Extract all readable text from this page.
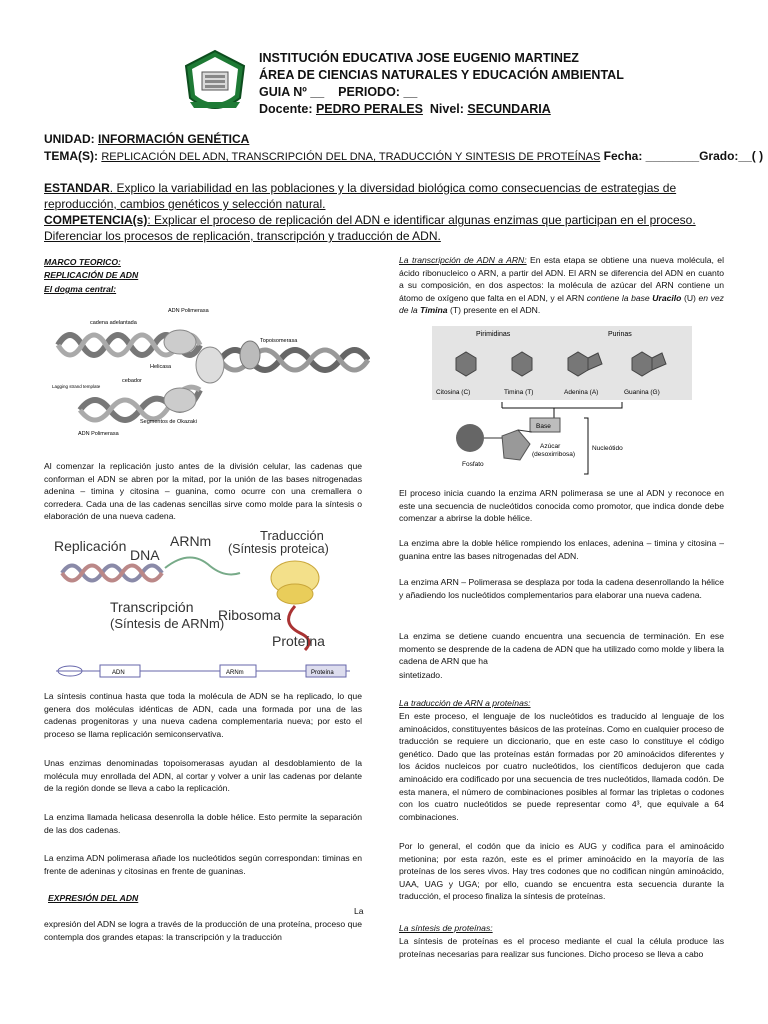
INSTITUCIÓN EDUCATIVA JOSE EUGENIO MARTINEZ
ÁREA DE CIENCIAS NATURALES Y EDUCACIÓN AMBIENTAL
GUIA Nº __ PERIODO: __
Docente: PEDRO PERALES Nivel: SECUNDARIA
UNIDAD: INFORMACIÓN GENÉTICA
TEMA(S): REPLICACIÓN DEL ADN, TRANSCRIPCIÓN DEL DNA, TRADUCCIÓN Y SINTESIS DE PROTEÍNAS Fecha: ________Grado:__( )
ESTANDAR. Explico la variabilidad en las poblaciones y la diversidad biológica como consecuencias de estrategias de reproducción, cambios genéticos y selección natural.
COMPETENCIA(s): Explicar el proceso de replicación del ADN e identificar algunas enzimas que participan en el proceso. Diferenciar los procesos de replicación, transcripción y traducción de ADN.
MARCO TEORICO:
REPLICACIÓN DE ADN
El dogma central:
ADN Polimerasa
cadena adelantada
Topoisomerasa
Helicasa
Lagging strand template
cebador
ADN Polimerasa
Segmentos de Okazaki
Al comenzar la replicación justo antes de la división celular, las cadenas que conforman el ADN se abren por la mitad, por la unión de las bases nitrogenadas adenina – timina y citosina – guanina, como ocurre con una cremallera o corredera. Cada una de las cadenas sencillas sirve como molde para la síntesis o elaboración de una nueva cadena.
Replicación
DNA
ARNm	Traducción
(Síntesis proteica)
Transcripción
(Síntesis de ARNm)
Ribosoma
Proteína
ADN	ARNm	Proteína
La síntesis continua hasta que toda la molécula de ADN se ha replicado, lo que genera dos moléculas idénticas de ADN, cada una formada por una de las cadenas progenitoras y una nueva cadena complementaria nueva; por esto el proceso se llama replicación semiconservativa.
Unas enzimas denominadas topoisomerasas ayudan al desdoblamiento de la molécula muy enrollada del ADN, al cortar y volver a unir las cadenas por delante de la región donde se lleva a cabo la replicación.
La enzima llamada helicasa desenrolla la doble hélice. Esto permite la separación de las dos cadenas.
La enzima ADN polimerasa añade los nucleótidos según correspondan: timinas en frente de adeninas y citosinas en frente de guaninas.
EXPRESIÓN DEL ADN
La
expresión del ADN se logra a través de la producción de una proteína, proceso que contempla dos grandes etapas: la transcripción y la traducción
La transcripción de ADN a ARN: En esta etapa se obtiene una nueva molécula, el ácido ribonucleico o ARN, a partir del ADN. El ARN se diferencia del ADN en cuanto a su composición, en dos aspectos: la molécula de azúcar del ARN contiene un átomo de oxígeno que falta en el ADN, y el ARN contiene la base Uracilo (U) en vez de la Timina (T) presente en el ADN.
Pirimidinas	Purinas
Citosina (C)	Timina (T)	Adenina (A)	Guanina (G)
Base
Fosfato
Azúcar
(desoxirribosa)
Nucleótido
El proceso inicia cuando la enzima ARN polimerasa se une al ADN y reconoce en este una secuencia de nucleótidos conocida como promotor, que indica donde debe comenzar a abrirse la doble hélice.
La enzima abre la doble hélice rompiendo los enlaces, adenina – timina y citosina – guanina entre las bases nitrogenadas del ADN.
La enzima ARN – Polimerasa se desplaza por toda la cadena desenrollando la hélice y añadiendo los nucleótidos complementarios para elaborar una nueva cadena.
La enzima se detiene cuando encuentra una secuencia de terminación. En ese momento se desprende de la cadena de ADN que ha utilizado como molde y libera la cadena de ARN que ha
sintetizado.
La traducción de ARN a proteínas:
En este proceso, el lenguaje de los nucleótidos es traducido al lenguaje de los aminoácidos, constituyentes básicos de las proteínas. Como en cualquier proceso de traducción se requiere un diccionario, que en este caso lo constituye el código genético. Dado que las proteínas están formadas por 20 aminoácidos diferentes y los ácidos nucleicos por cuatro nucleótidos, los científicos dedujeron que cada aminoácido era codificado por una secuencia de tres nucleótidos, llamada codón. De esta manera, el número de combinaciones posibles al formar las tripletas o codones con los cuatro nucleótidos se puede representar como 4³, que equivale a 64 combinaciones.
Por lo general, el codón que da inicio es AUG y codifica para el aminoácido metionina; por esta razón, este es el primer aminoácido en la mayoría de las proteínas de los seres vivos. Hay tres codones que no codifican ningún aminoácido, UAA, UAG y UGA; por ello, cuando se encuentra esta secuencia durante la traducción, el proceso finaliza la síntesis de proteínas.
La síntesis de proteínas:
La síntesis de proteínas es el proceso mediante el cual la célula produce las proteínas necesarias para realizar sus funciones. Dicho proceso se lleva a cabo
